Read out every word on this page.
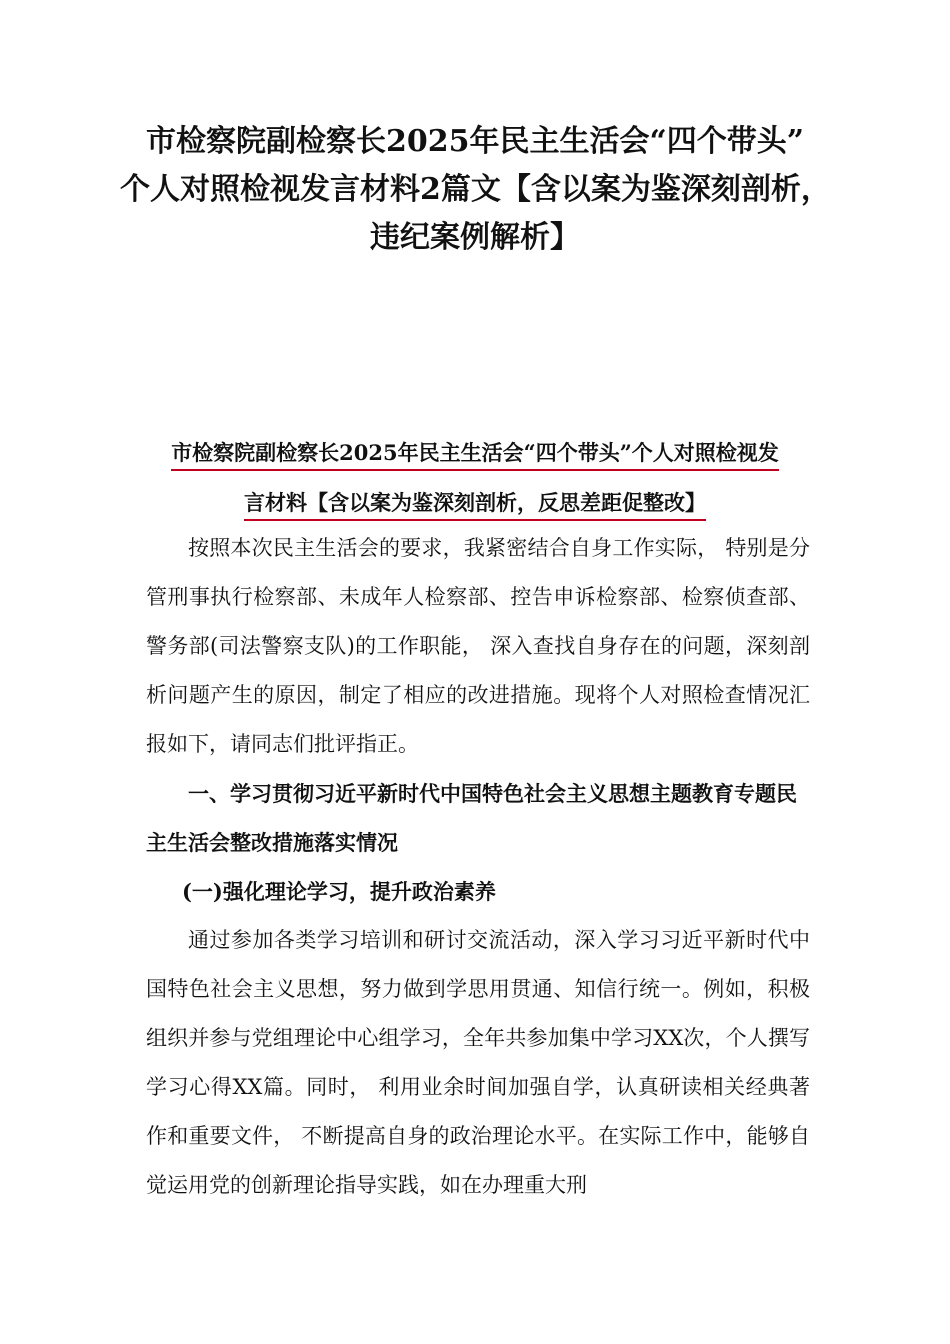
市检察院副检察长2025年民主生活会“四个带头”
个人对照检视发言材料2篇文【含以案为鉴深刻剖析，
违纪案例解析】
市检察院副检察长2025年民主生活会“四个带头”个人对照检视发
言材料【含以案为鉴深刻剖析，反思差距促整改】

按照本次民主生活会的要求，我紧密结合自身工作实际， 特别是分管刑事执行检察部、未成年人检察部、控告申诉检察部、检察侦查部、警务部(司法警察支队)的工作职能， 深入查找自身存在的问题，深刻剖析问题产生的原因，制定了相应的改进措施。现将个人对照检查情况汇报如下，请同志们批评指正。

一、学习贯彻习近平新时代中国特色社会主义思想主题教育专题民主生活会整改措施落实情况

(一)强化理论学习，提升政治素养

通过参加各类学习培训和研讨交流活动，深入学习习近平新时代中国特色社会主义思想，努力做到学思用贯通、知信行统一。例如，积极组织并参与党组理论中心组学习，全年共参加集中学习XX次，个人撰写学习心得XX篇。同时， 利用业余时间加强自学，认真研读相关经典著作和重要文件， 不断提高自身的政治理论水平。在实际工作中，能够自觉运用党的创新理论指导实践，如在办理重大刑
